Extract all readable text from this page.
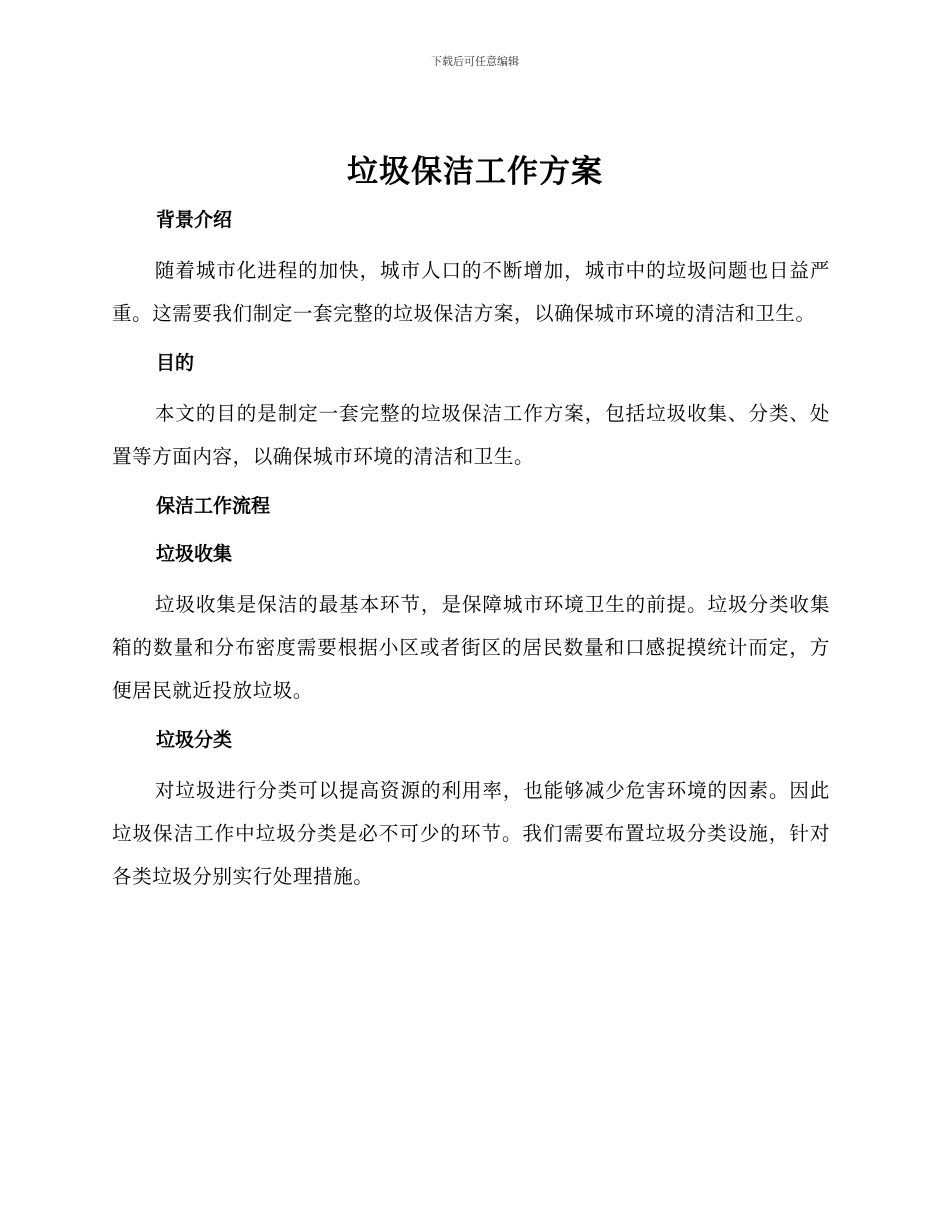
下载后可任意编辑
垃圾保洁工作方案
背景介绍

随着城市化进程的加快，城市人口的不断增加，城市中的垃圾问题也日益严重。这需要我们制定一套完整的垃圾保洁方案，以确保城市环境的清洁和卫生。

目的

本文的目的是制定一套完整的垃圾保洁工作方案，包括垃圾收集、分类、处置等方面内容，以确保城市环境的清洁和卫生。

保洁工作流程
垃圾收集

垃圾收集是保洁的最基本环节，是保障城市环境卫生的前提。垃圾分类收集箱的数量和分布密度需要根据小区或者街区的居民数量和口感捉摸统计而定，方便居民就近投放垃圾。

垃圾分类

对垃圾进行分类可以提高资源的利用率，也能够减少危害环境的因素。因此垃圾保洁工作中垃圾分类是必不可少的环节。我们需要布置垃圾分类设施，针对各类垃圾分别实行处理措施。
